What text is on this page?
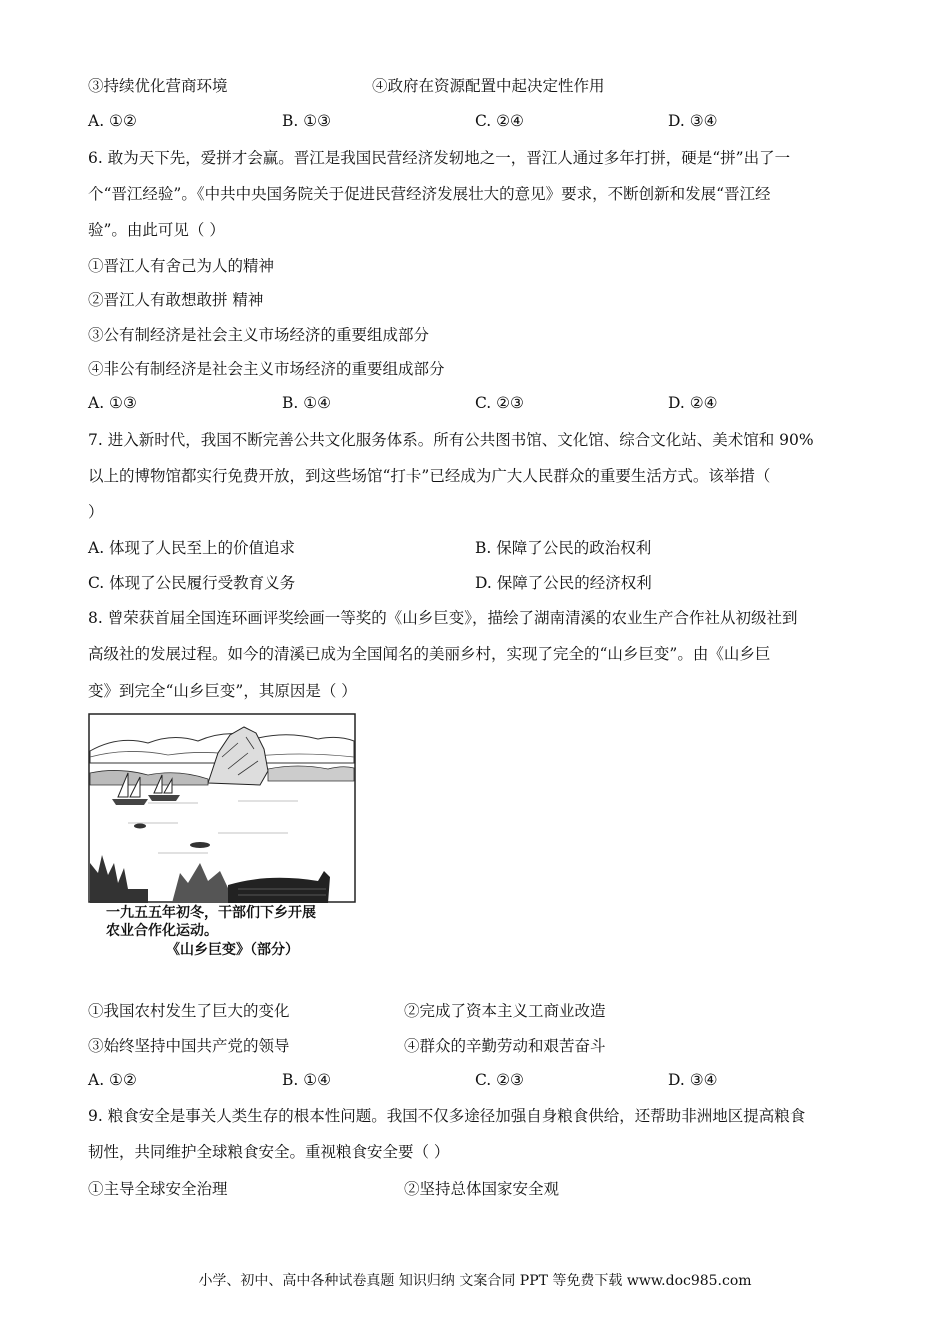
③持续优化营商环境	④政府在资源配置中起决定性作用
A. ①②	B. ①③	C. ②④	D. ③④
6. 敢为天下先，爱拼才会赢。晋江是我国民营经济发轫地之一，晋江人通过多年打拼，硬是“拼”出了一
个“晋江经验”。《中共中央国务院关于促进民营经济发展壮大的意见》要求，不断创新和发展“晋江经
验”。由此可见（ ）
①晋江人有舍己为人的精神
②晋江人有敢想敢拼 精神
③公有制经济是社会主义市场经济的重要组成部分
④非公有制经济是社会主义市场经济的重要组成部分
A. ①③	B. ①④	C. ②③	D. ②④
7. 进入新时代，我国不断完善公共文化服务体系。所有公共图书馆、文化馆、综合文化站、美术馆和 90%
以上的博物馆都实行免费开放，到这些场馆“打卡”已经成为广大人民群众的重要生活方式。该举措（
）
A. 体现了人民至上的价值追求	B. 保障了公民的政治权利
C. 体现了公民履行受教育义务	D. 保障了公民的经济权利
8. 曾荣获首届全国连环画评奖绘画一等奖的《山乡巨变》，描绘了湖南清溪的农业生产合作社从初级社到
高级社的发展过程。如今的清溪已成为全国闻名的美丽乡村，实现了完全的“山乡巨变”。由《山乡巨
变》到完全“山乡巨变”，其原因是（ ）
一九五五年初冬，干部们下乡开展
农业合作化运动。
《山乡巨变》（部分）
①我国农村发生了巨大的变化	②完成了资本主义工商业改造
③始终坚持中国共产党的领导	④群众的辛勤劳动和艰苦奋斗
A. ①②	B. ①④	C. ②③	D. ③④
9. 粮食安全是事关人类生存的根本性问题。我国不仅多途径加强自身粮食供给，还帮助非洲地区提高粮食
韧性，共同维护全球粮食安全。重视粮食安全要（ ）
①主导全球安全治理	②坚持总体国家安全观
小学、初中、高中各种试卷真题 知识归纳 文案合同 PPT 等免费下载 www.doc985.com
